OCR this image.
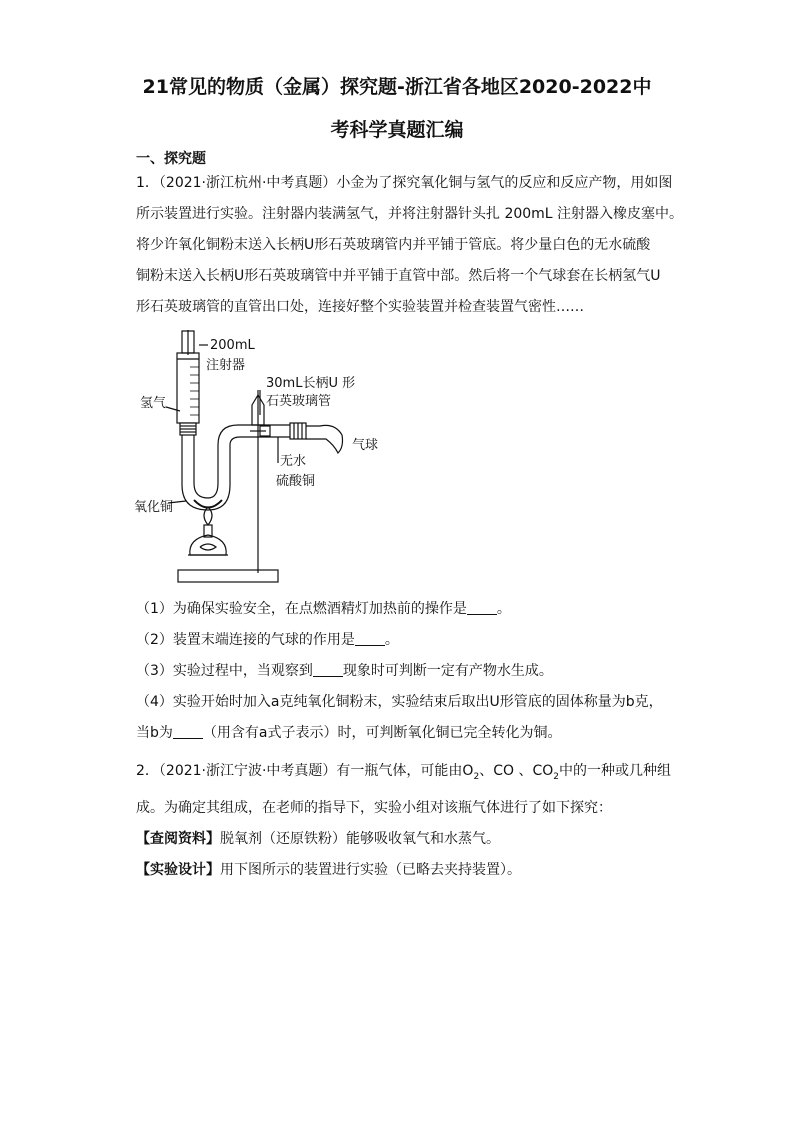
21常见的物质（金属）探究题-浙江省各地区2020-2022中
考科学真题汇编
一、探究题
1．（2021·浙江杭州·中考真题）小金为了探究氧化铜与氢气的反应和反应产物，用如图
所示装置进行实验。注射器内装满氢气，并将注射器针头扎 200mL 注射器入橡皮塞中。
将少许氧化铜粉末送入长柄U形石英玻璃管内并平铺于管底。将少量白色的无水硫酸
铜粉末送入长柄U形石英玻璃管中并平铺于直管中部。然后将一个气球套在长柄氢气U
形石英玻璃管的直管出口处，连接好整个实验装置并检查装置气密性……
200mL
注射器
氢气
30mL长柄U 形
石英玻璃管
气球
无水
硫酸铜
氧化铜
（1）为确保实验安全，在点燃酒精灯加热前的操作是 。
（2）装置末端连接的气球的作用是 。
（3）实验过程中，当观察到 现象时可判断一定有产物水生成。
（4）实验开始时加入a克纯氧化铜粉末，实验结束后取出U形管底的固体称量为b克，
当b为 （用含有a式子表示）时，可判断氧化铜已完全转化为铜。
2．（2021·浙江宁波·中考真题）有一瓶气体，可能由$O_2$、CO 、$CO_2$中的一种或几种组
成。为确定其组成，在老师的指导下，实验小组对该瓶气体进行了如下探究：
【查阅资料】脱氧剂（还原铁粉）能够吸收氧气和水蒸气。
【实验设计】用下图所示的装置进行实验（已略去夹持装置）。
